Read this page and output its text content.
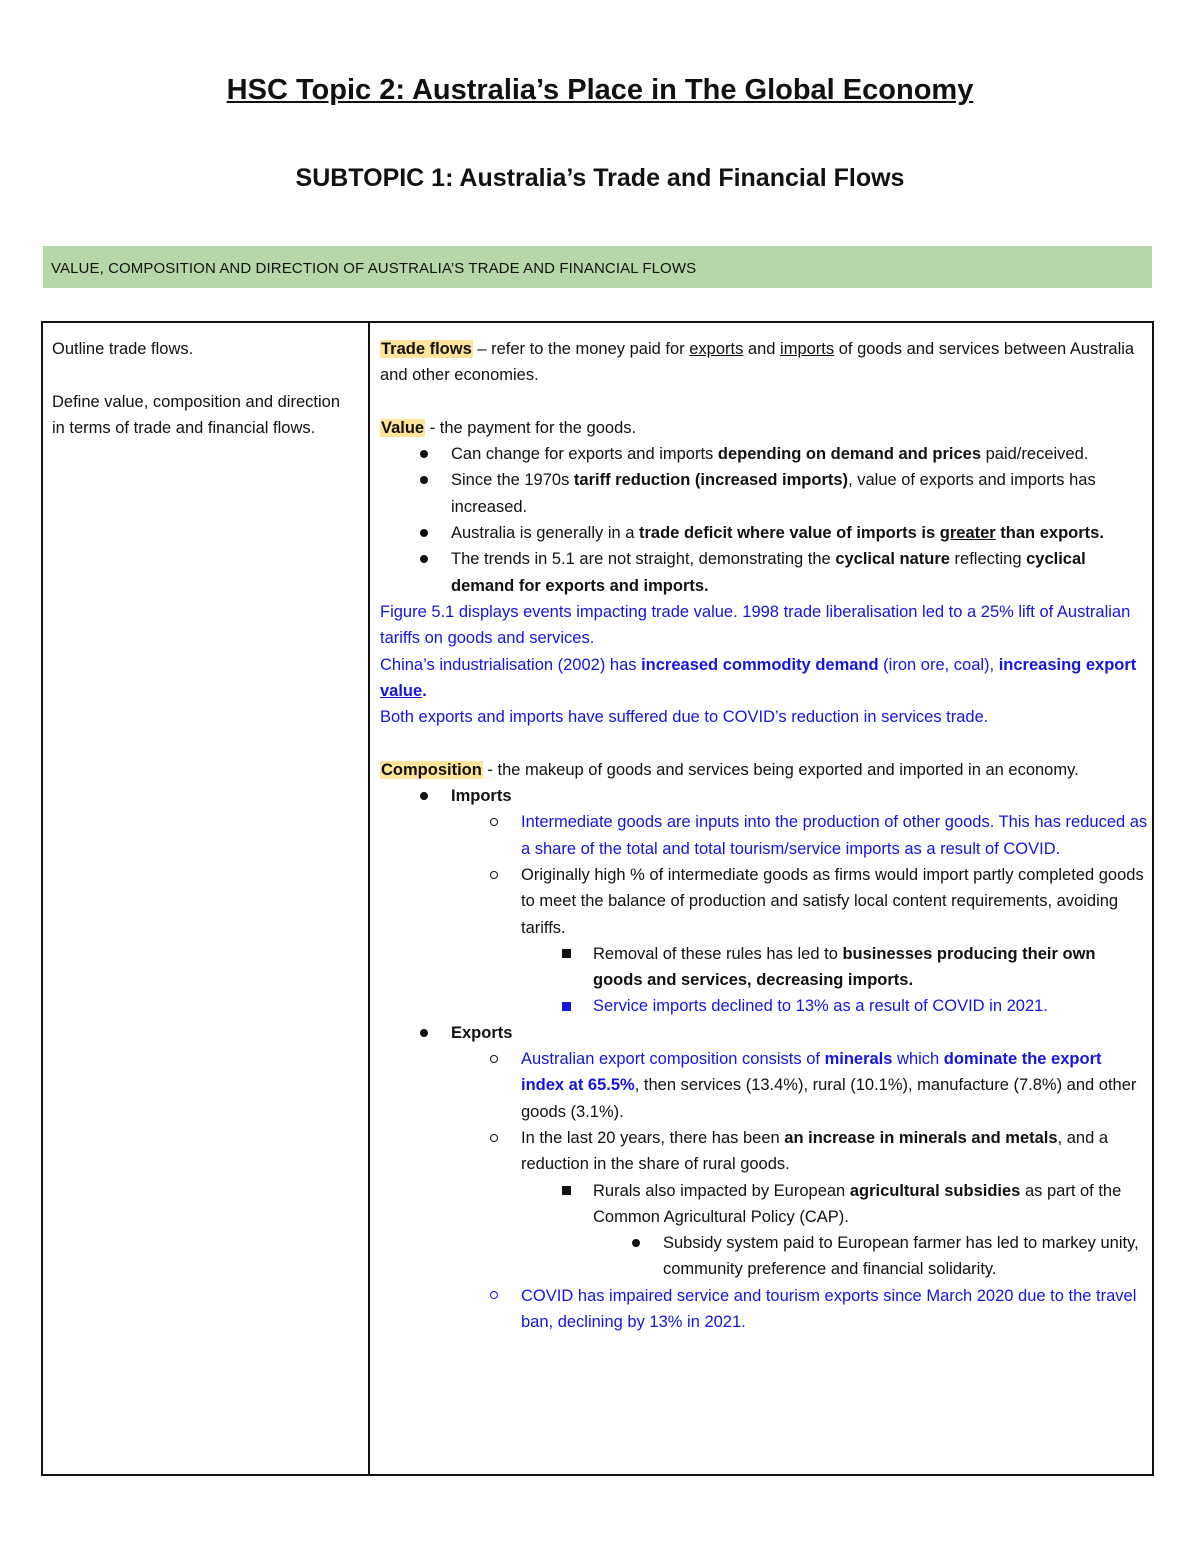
HSC Topic 2: Australia’s Place in The Global Economy
SUBTOPIC 1: Australia’s Trade and Financial Flows
VALUE, COMPOSITION AND DIRECTION OF AUSTRALIA’S TRADE AND FINANCIAL FLOWS

Outline trade flows.

Define value, composition and direction in terms of trade and financial flows.

Trade flows – refer to the money paid for exports and imports of goods and services between Australia and other economies.

Value - the payment for the goods.

Can change for exports and imports depending on demand and prices paid/received.

Since the 1970s tariff reduction (increased imports), value of exports and imports has increased.

Australia is generally in a trade deficit where value of imports is greater than exports.

The trends in 5.1 are not straight, demonstrating the cyclical nature reflecting cyclical demand for exports and imports.

Figure 5.1 displays events impacting trade value. 1998 trade liberalisation led to a 25% lift of Australian tariffs on goods and services.

China’s industrialisation (2002) has increased commodity demand (iron ore, coal), increasing export value.

Both exports and imports have suffered due to COVID’s reduction in services trade.

Composition - the makeup of goods and services being exported and imported in an economy.

Imports

Intermediate goods are inputs into the production of other goods. This has reduced as a share of the total and total tourism/service imports as a result of COVID.

Originally high % of intermediate goods as firms would import partly completed goods to meet the balance of production and satisfy local content requirements, avoiding tariffs.

Removal of these rules has led to businesses producing their own goods and services, decreasing imports.

Service imports declined to 13% as a result of COVID in 2021.

Exports

Australian export composition consists of minerals which dominate the export index at 65.5%, then services (13.4%), rural (10.1%), manufacture (7.8%) and other goods (3.1%).

In the last 20 years, there has been an increase in minerals and metals, and a reduction in the share of rural goods.

Rurals also impacted by European agricultural subsidies as part of the Common Agricultural Policy (CAP).

Subsidy system paid to European farmer has led to markey unity, community preference and financial solidarity.

COVID has impaired service and tourism exports since March 2020 due to the travel ban, declining by 13% in 2021.
